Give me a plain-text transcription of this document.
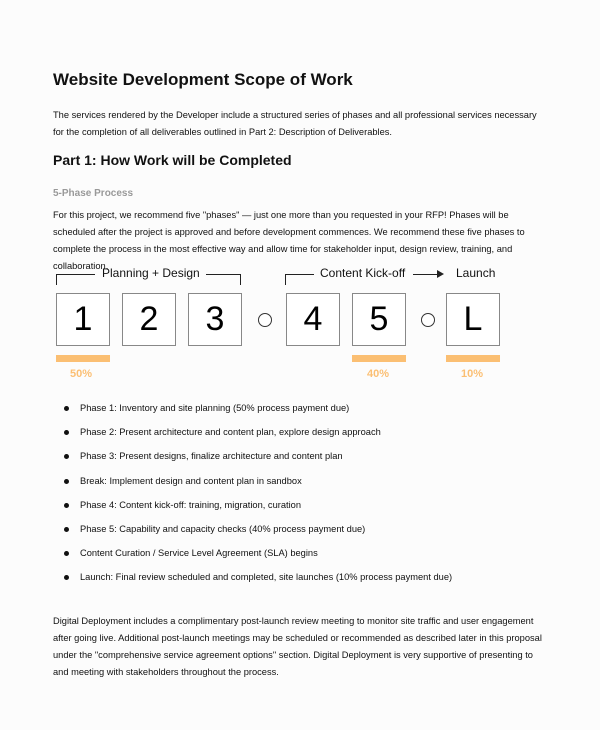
Website Development Scope of Work

The services rendered by the Developer include a structured series of phases and all professional services necessary for the completion of all deliverables outlined in Part 2: Description of Deliverables.

Part 1: How Work will be Completed
5-Phase Process

For this project, we recommend five "phases" — just one more than you requested in your RFP! Phases will be scheduled after the project is approved and before development commences. We recommend these five phases to complete the process in the most effective way and allow time for stakeholder input, design review, training, and collaboration.

Planning + Design	Content Kick-off	Launch
1	2	3	4	5	L
50%	40%	10%
Phase 1: Inventory and site planning (50% process payment due)
Phase 2: Present architecture and content plan, explore design approach
Phase 3: Present designs, finalize architecture and content plan
Break: Implement design and content plan in sandbox
Phase 4: Content kick-off: training, migration, curation
Phase 5: Capability and capacity checks (40% process payment due)
Content Curation / Service Level Agreement (SLA) begins
Launch: Final review scheduled and completed, site launches (10% process payment due)

Digital Deployment includes a complimentary post-launch review meeting to monitor site traffic and user engagement after going live. Additional post-launch meetings may be scheduled or recommended as described later in this proposal under the "comprehensive service agreement options" section. Digital Deployment is very supportive of presenting to and meeting with stakeholders throughout the process.
